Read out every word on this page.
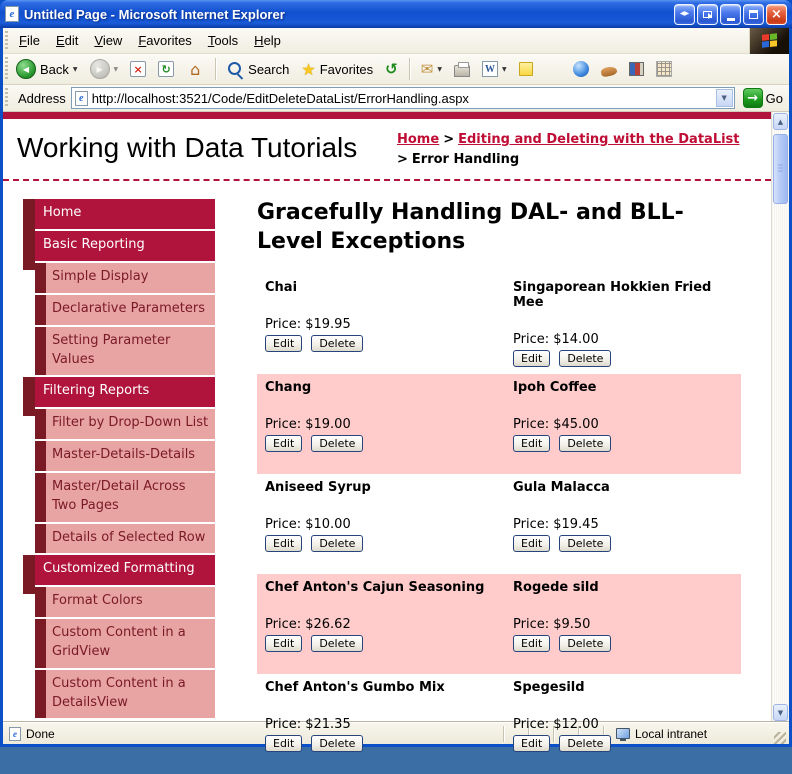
e Untitled Page - Microsoft Internet Explorer	◀▶	×
File	Edit	View	Favorites	Tools	Help
◀ Back ▼	▶	▼	×	↻ ⌂	Search ★ Favorites ↺ ✉ ▼	W	▼
Address	e
http://localhost:3521/Code/EditDeleteDataList/ErrorHandling.aspx	▼	→ Go
Working with Data Tutorials	Home > Editing and Deleting with the DataList
> Error Handling
Home
Basic Reporting
Simple Display
Declarative Parameters
Setting Parameter Values
Filtering Reports
Filter by Drop-Down List
Master-Details-Details
Master/Detail Across Two Pages
Details of Selected Row
Customized Formatting
Format Colors
Custom Content in a GridView
Custom Content in a DetailsView
Gracefully Handling DAL- and BLL-Level Exceptions
Chai
Price: $19.95
Edit	Delete
Singaporean Hokkien Fried Mee
Price: $14.00
Edit	Delete
Chang
Price: $19.00
Edit	Delete
Ipoh Coffee
Price: $45.00
Edit	Delete
Aniseed Syrup
Price: $10.00
Edit	Delete
Gula Malacca
Price: $19.45
Edit	Delete
Chef Anton's Cajun Seasoning
Price: $26.62
Edit	Delete
Rogede sild
Price: $9.50
Edit	Delete
Chef Anton's Gumbo Mix
Price: $21.35
Edit	Delete
Spegesild
Price: $12.00
Edit	Delete
▲
▼
e Done	Local intranet
